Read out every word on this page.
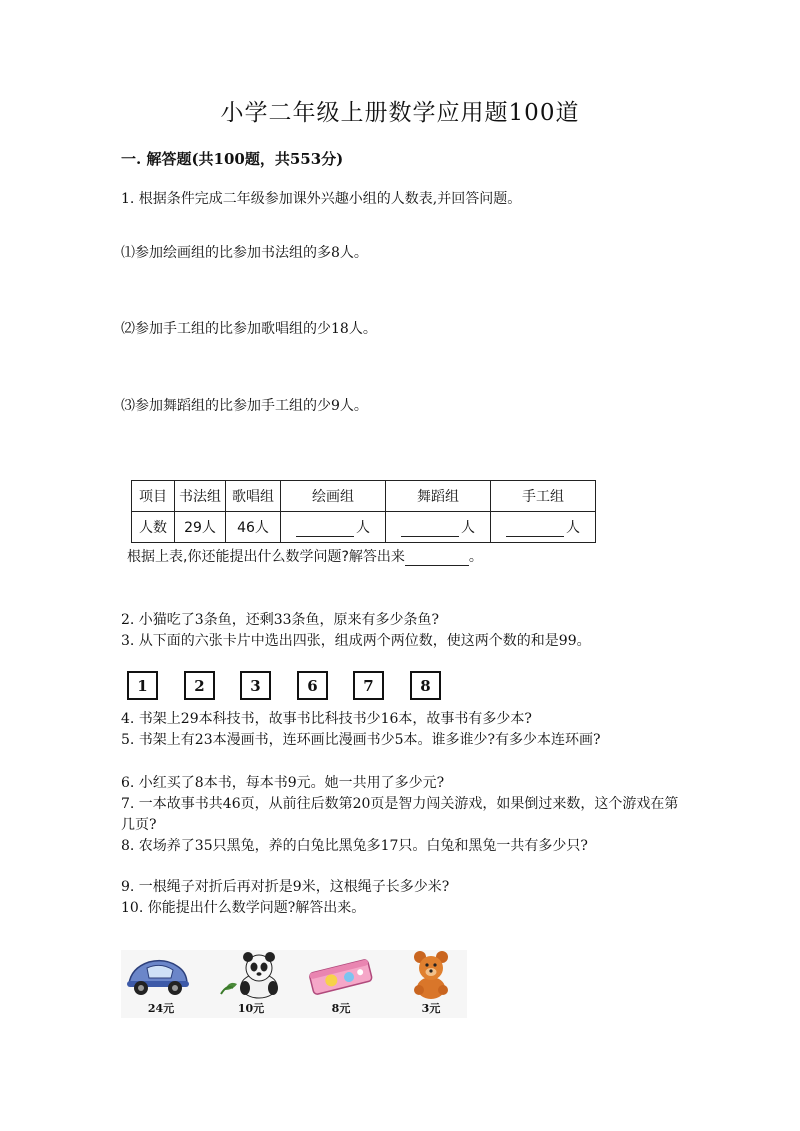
小学二年级上册数学应用题100道
一. 解答题(共100题，共553分)
1. 根据条件完成二年级参加课外兴趣小组的人数表,并回答问题。
⑴参加绘画组的比参加书法组的多8人。
⑵参加手工组的比参加歌唱组的少18人。
⑶参加舞蹈组的比参加手工组的少9人。
项目	书法组	歌唱组	绘画组	舞蹈组	手工组
人数	29人	46人	人	人	人
根据上表,你还能提出什么数学问题?解答出来	。
2. 小猫吃了3条鱼，还剩33条鱼，原来有多少条鱼?
3. 从下面的六张卡片中选出四张，组成两个两位数，使这两个数的和是99。
1	2	3	6	7	8
4. 书架上29本科技书，故事书比科技书少16本，故事书有多少本?
5. 书架上有23本漫画书，连环画比漫画书少5本。谁多谁少?有多少本连环画?
6. 小红买了8本书，每本书9元。她一共用了多少元?
7. 一本故事书共46页，从前往后数第20页是智力闯关游戏，如果倒过来数，这个游戏在第几页?
8. 农场养了35只黑兔，养的白兔比黑兔多17只。白兔和黑兔一共有多少只?
9. 一根绳子对折后再对折是9米，这根绳子长多少米?
10. 你能提出什么数学问题?解答出来。
24元	10元	8元	3元
